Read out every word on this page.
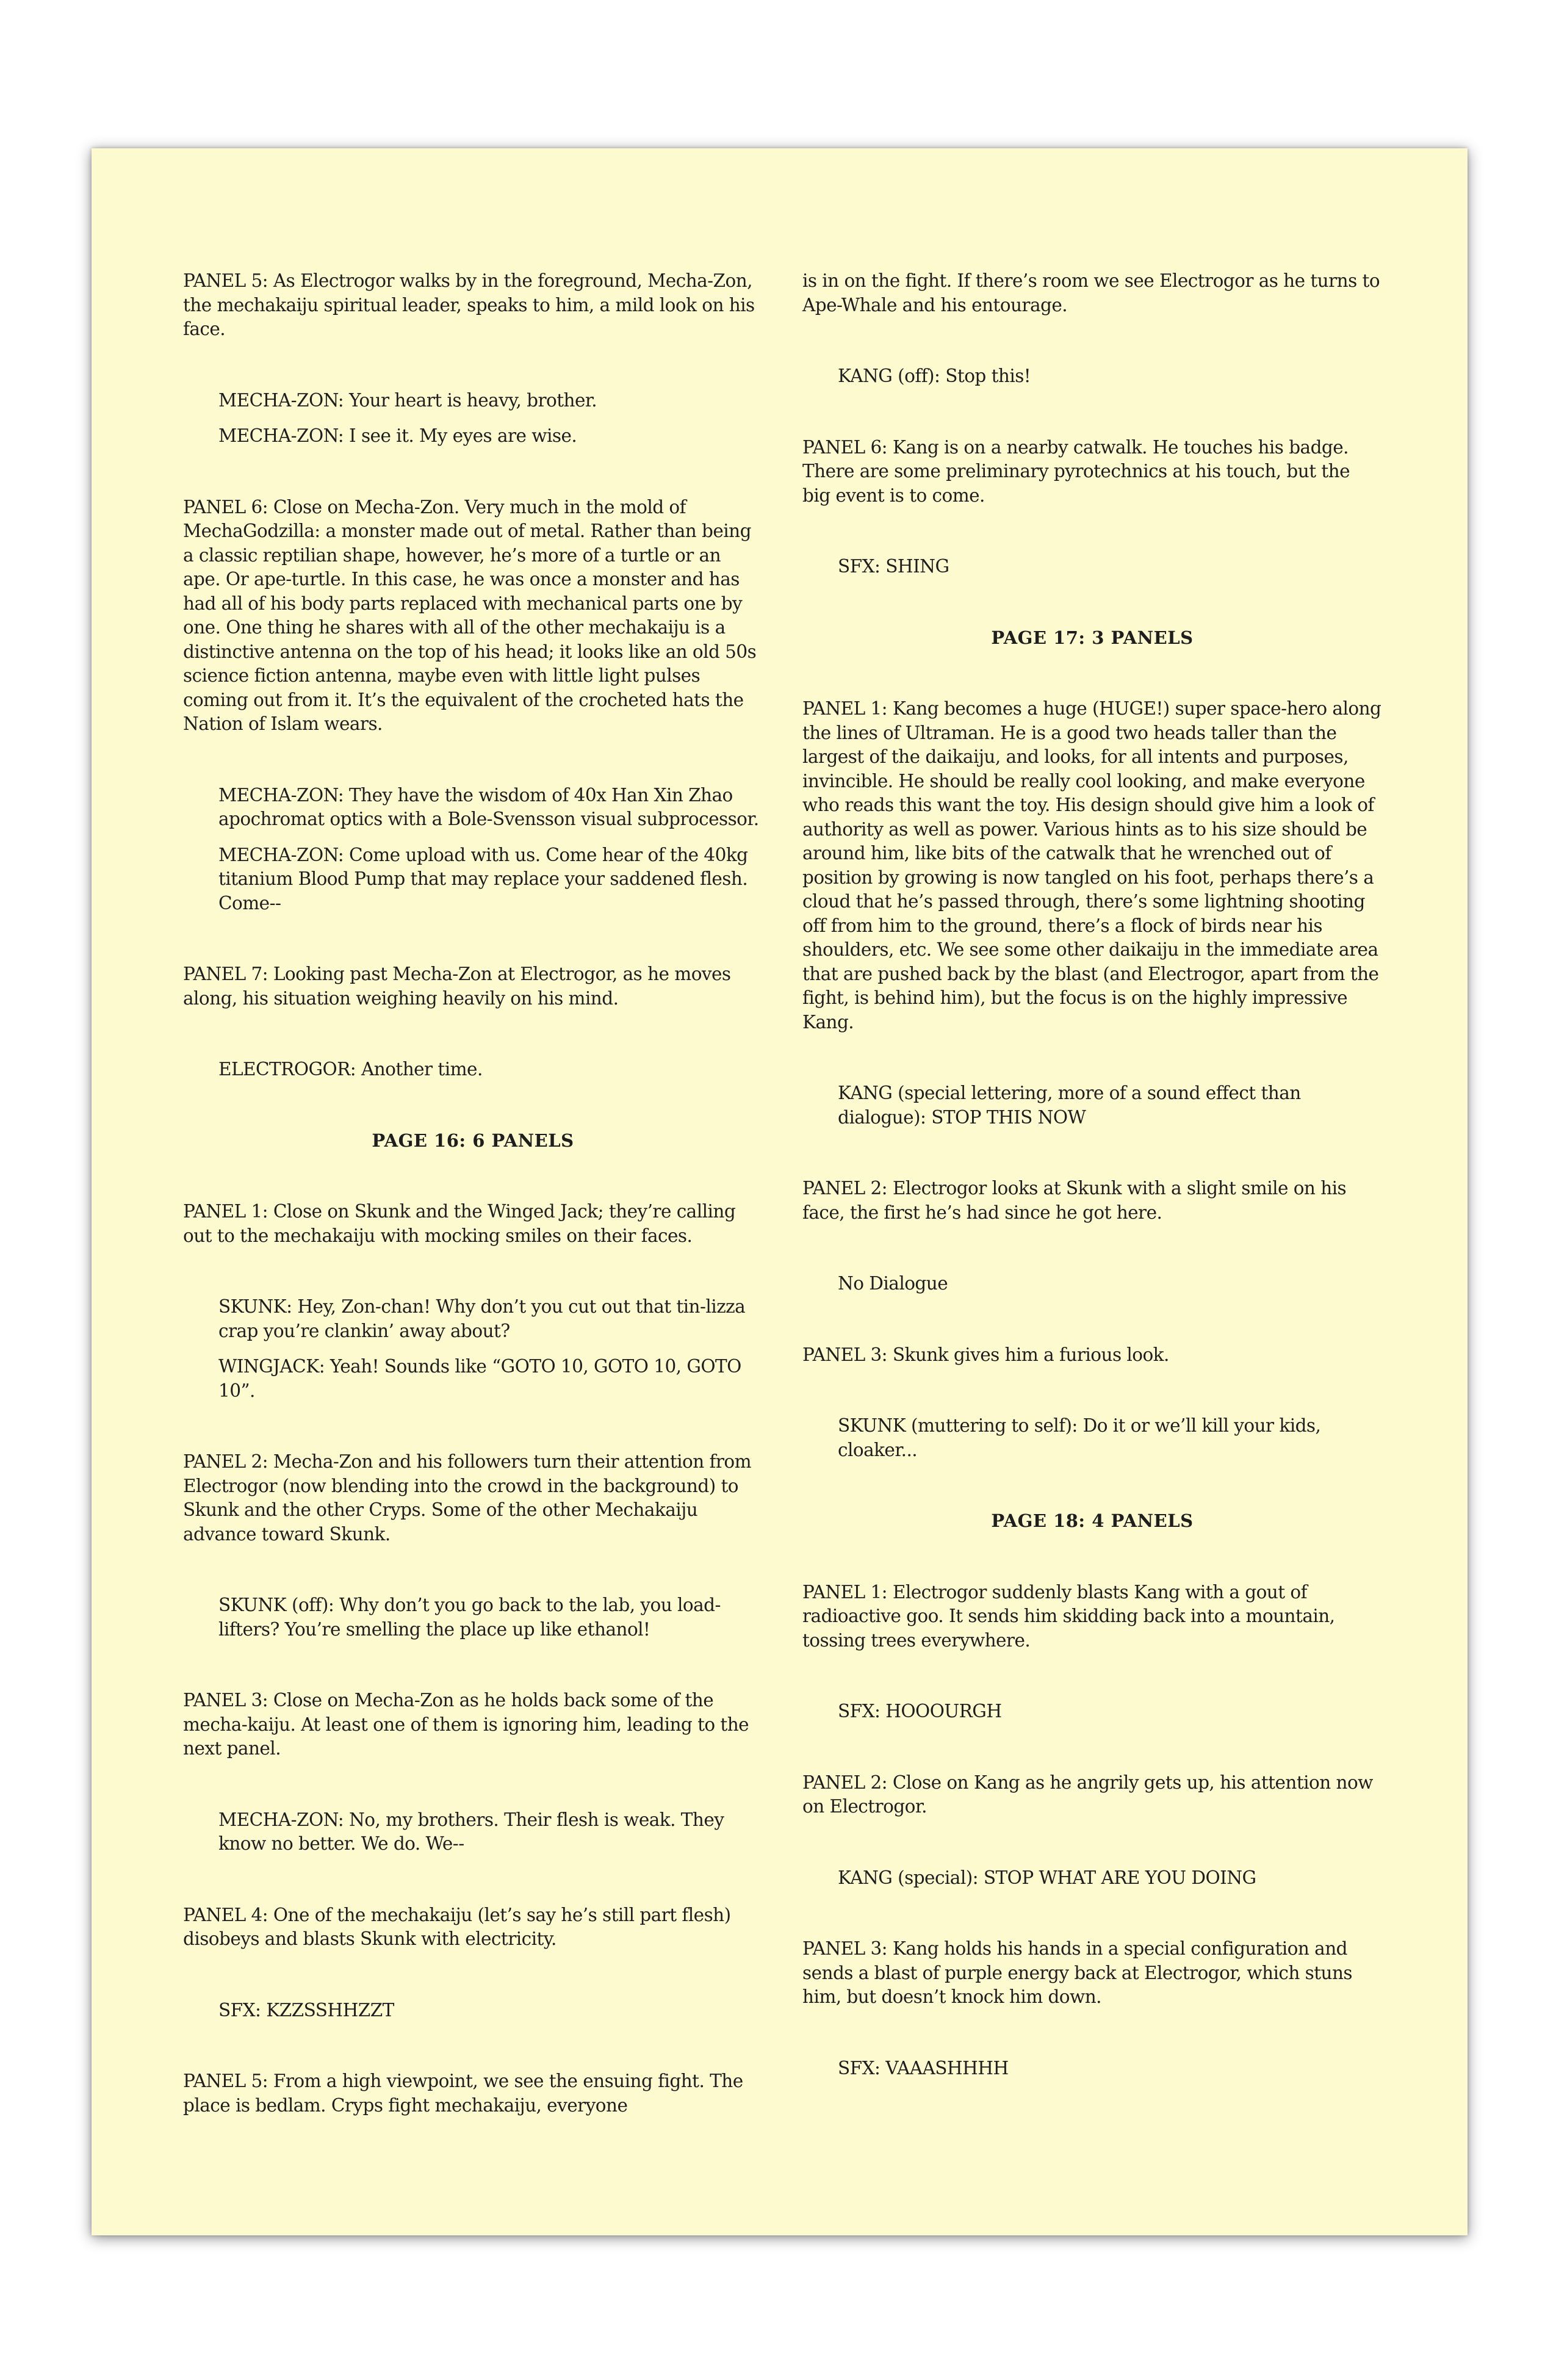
PANEL 5: As Electrogor walks by in the foreground, Mecha-Zon, the mechakaiju spiritual leader, speaks to him, a mild look on his face.

MECHA-ZON: Your heart is heavy, brother.

MECHA-ZON: I see it. My eyes are wise.

PANEL 6: Close on Mecha-Zon. Very much in the mold of MechaGodzilla: a monster made out of metal. Rather than being a classic reptilian shape, however, he’s more of a turtle or an ape. Or ape-turtle. In this case, he was once a monster and has had all of his body parts replaced with mechanical parts one by one. One thing he shares with all of the other mechakaiju is a distinctive antenna on the top of his head; it looks like an old 50s science fiction antenna, maybe even with little light pulses coming out from it. It’s the equivalent of the crocheted hats the Nation of Islam wears.

MECHA-ZON: They have the wisdom of 40x Han Xin Zhao apochromat optics with a Bole-Svensson visual subprocessor.

MECHA-ZON: Come upload with us. Come hear of the 40kg titanium Blood Pump that may replace your saddened flesh. Come--

PANEL 7: Looking past Mecha-Zon at Electrogor, as he moves along, his situation weighing heavily on his mind.

ELECTROGOR: Another time.

PAGE 16: 6 PANELS

PANEL 1: Close on Skunk and the Winged Jack; they’re calling out to the mechakaiju with mocking smiles on their faces.

SKUNK: Hey, Zon-chan! Why don’t you cut out that tin-lizza crap you’re clankin’ away about?

WINGJACK: Yeah! Sounds like “GOTO 10, GOTO 10, GOTO 10”.

PANEL 2: Mecha-Zon and his followers turn their attention from Electrogor (now blending into the crowd in the background) to Skunk and the other Cryps. Some of the other Mechakaiju advance toward Skunk.

SKUNK (off): Why don’t you go back to the lab, you load-lifters? You’re smelling the place up like ethanol!

PANEL 3: Close on Mecha-Zon as he holds back some of the mecha-kaiju. At least one of them is ignoring him, leading to the next panel.

MECHA-ZON: No, my brothers. Their flesh is weak. They know no better. We do. We--

PANEL 4: One of the mechakaiju (let’s say he’s still part flesh) disobeys and blasts Skunk with electricity.

SFX: KZZSSHHZZT

PANEL 5: From a high viewpoint, we see the ensuing fight. The place is bedlam. Cryps fight mechakaiju, everyone

is in on the fight. If there’s room we see Electrogor as he turns to Ape-Whale and his entourage.

KANG (off): Stop this!

PANEL 6: Kang is on a nearby catwalk. He touches his badge. There are some preliminary pyrotechnics at his touch, but the big event is to come.

SFX: SHING

PAGE 17: 3 PANELS

PANEL 1: Kang becomes a huge (HUGE!) super space-hero along the lines of Ultraman. He is a good two heads taller than the largest of the daikaiju, and looks, for all intents and purposes, invincible. He should be really cool looking, and make everyone who reads this want the toy. His design should give him a look of authority as well as power. Various hints as to his size should be around him, like bits of the catwalk that he wrenched out of position by growing is now tangled on his foot, perhaps there’s a cloud that he’s passed through, there’s some lightning shooting off from him to the ground, there’s a flock of birds near his shoulders, etc. We see some other daikaiju in the immediate area that are pushed back by the blast (and Electrogor, apart from the fight, is behind him), but the focus is on the highly impressive Kang.

KANG (special lettering, more of a sound effect than dialogue): STOP THIS NOW

PANEL 2: Electrogor looks at Skunk with a slight smile on his face, the first he’s had since he got here.

No Dialogue

PANEL 3: Skunk gives him a furious look.

SKUNK (muttering to self): Do it or we’ll kill your kids, cloaker...

PAGE 18: 4 PANELS

PANEL 1: Electrogor suddenly blasts Kang with a gout of radioactive goo. It sends him skidding back into a mountain, tossing trees everywhere.

SFX: HOOOURGH

PANEL 2: Close on Kang as he angrily gets up, his attention now on Electrogor.

KANG (special): STOP WHAT ARE YOU DOING

PANEL 3: Kang holds his hands in a special configuration and sends a blast of purple energy back at Electrogor, which stuns him, but doesn’t knock him down.

SFX: VAAASHHHH
